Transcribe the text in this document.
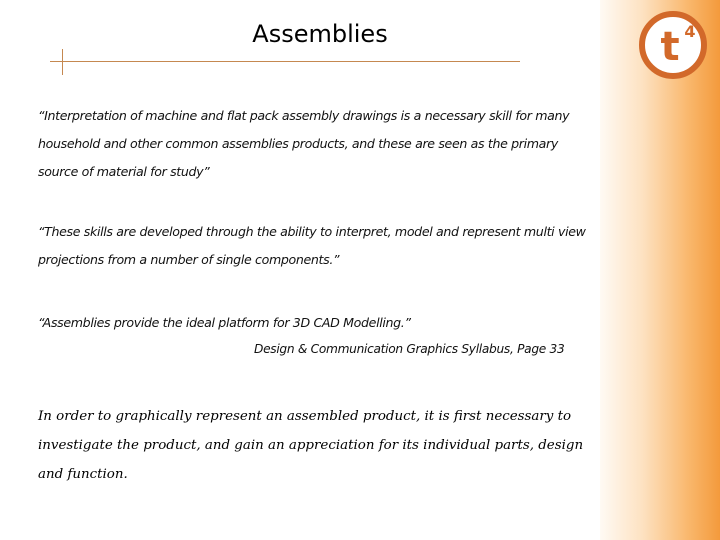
Assemblies	t 4

“Interpretation of machine and flat pack assembly drawings is a necessary skill for many household and other common assemblies products, and these are seen as the primary source of material for study”

“These skills are developed through the ability to interpret, model and represent multi view projections from a number of single components.”

“Assemblies provide the ideal platform for 3D CAD Modelling.”

Design & Communication Graphics Syllabus, Page 33

In order to graphically represent an assembled product, it is first necessary to investigate the product, and gain an appreciation for its individual parts, design and function.
